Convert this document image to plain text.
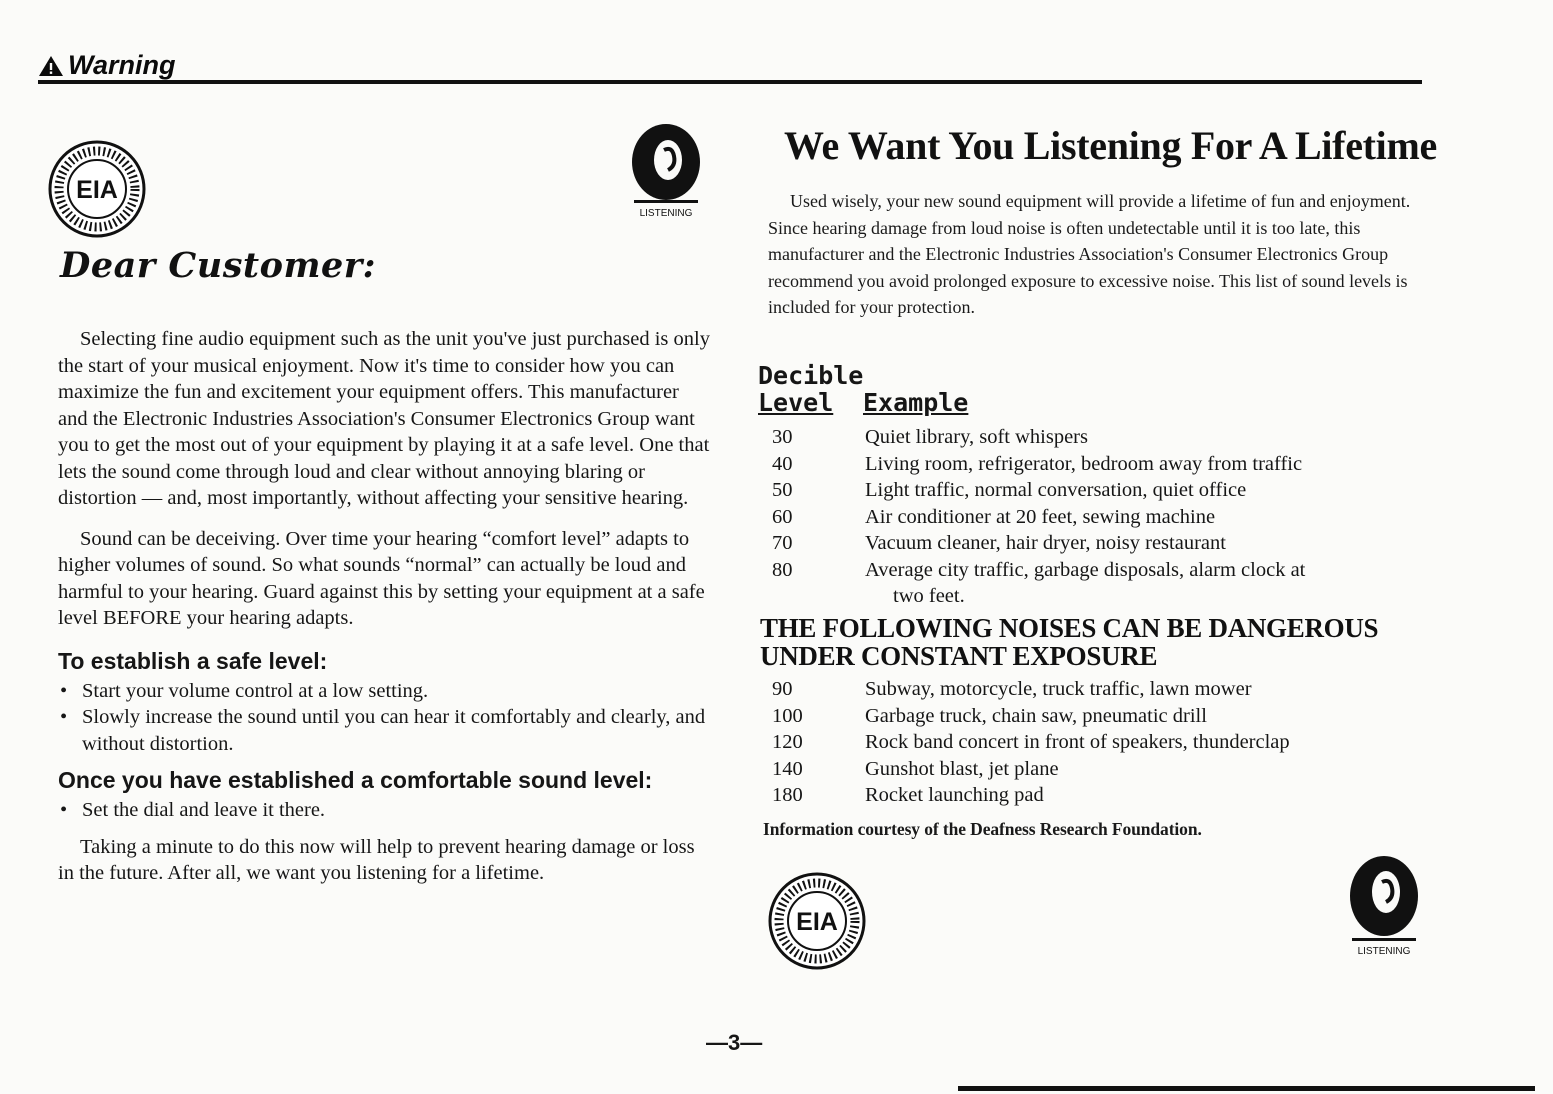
Warning
EIA
LISTENING
Dear Customer:

Selecting fine audio equipment such as the unit you've just purchased is only the start of your musical enjoyment. Now it's time to consider how you can maximize the fun and excitement your equipment offers. This manufacturer and the Electronic Industries Association's Consumer Electronics Group want you to get the most out of your equipment by playing it at a safe level. One that lets the sound come through loud and clear without annoying blaring or distortion — and, most importantly, without affecting your sensitive hearing.

Sound can be deceiving. Over time your hearing “comfort level” adapts to higher volumes of sound. So what sounds “normal” can actually be loud and harmful to your hearing. Guard against this by setting your equipment at a safe level BEFORE your hearing adapts.

To establish a safe level:
• Start your volume control at a low setting.
• Slowly increase the sound until you can hear it comfortably and clearly, and without distortion.
Once you have established a comfortable sound level:
• Set the dial and leave it there.

Taking a minute to do this now will help to prevent hearing damage or loss in the future. After all, we want you listening for a lifetime.

We Want You Listening For A Lifetime

Used wisely, your new sound equipment will provide a lifetime of fun and enjoyment. Since hearing damage from loud noise is often undetectable until it is too late, this manufacturer and the Electronic Industries Association's Consumer Electronics Group recommend you avoid prolonged exposure to excessive noise. This list of sound levels is included for your protection.

Decible
Level	Example
30	Quiet library, soft whispers
40	Living room, refrigerator, bedroom away from traffic
50	Light traffic, normal conversation, quiet office
60	Air conditioner at 20 feet, sewing machine
70	Vacuum cleaner, hair dryer, noisy restaurant
80	Average city traffic, garbage disposals, alarm clock at
two feet.
THE FOLLOWING NOISES CAN BE DANGEROUS
UNDER CONSTANT EXPOSURE
90	Subway, motorcycle, truck traffic, lawn mower
100	Garbage truck, chain saw, pneumatic drill
120	Rock band concert in front of speakers, thunderclap
140	Gunshot blast, jet plane
180	Rocket launching pad
Information courtesy of the Deafness Research Foundation.
EIA
LISTENING
—3—
